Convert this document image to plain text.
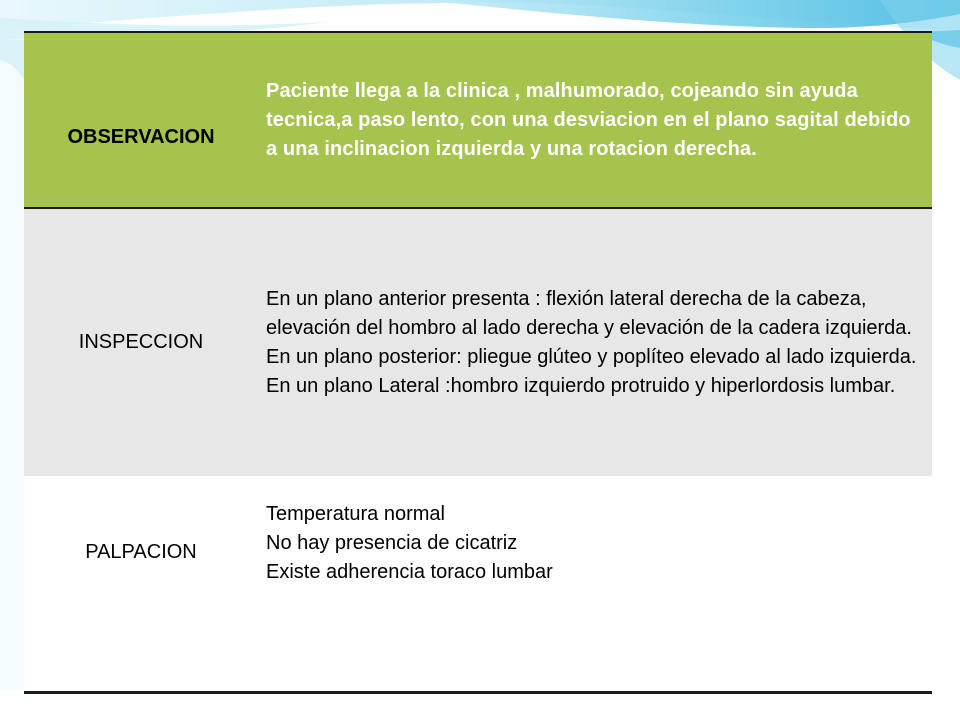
OBSERVACION	Paciente llega a la clinica , malhumorado, cojeando sin ayuda tecnica,a paso lento, con una desviacion en el plano sagital debido a una inclinacion izquierda y una rotacion derecha.

INSPECCION	En un plano anterior presenta : flexión lateral derecha de la cabeza, elevación del hombro al lado derecha y elevación de la cadera izquierda.
En un plano posterior: pliegue glúteo y poplíteo elevado al lado izquierda.
En un plano Lateral :hombro izquierdo protruido y hiperlordosis lumbar.

PALPACION	Temperatura normal
No hay presencia de cicatriz
Existe adherencia toraco lumbar
